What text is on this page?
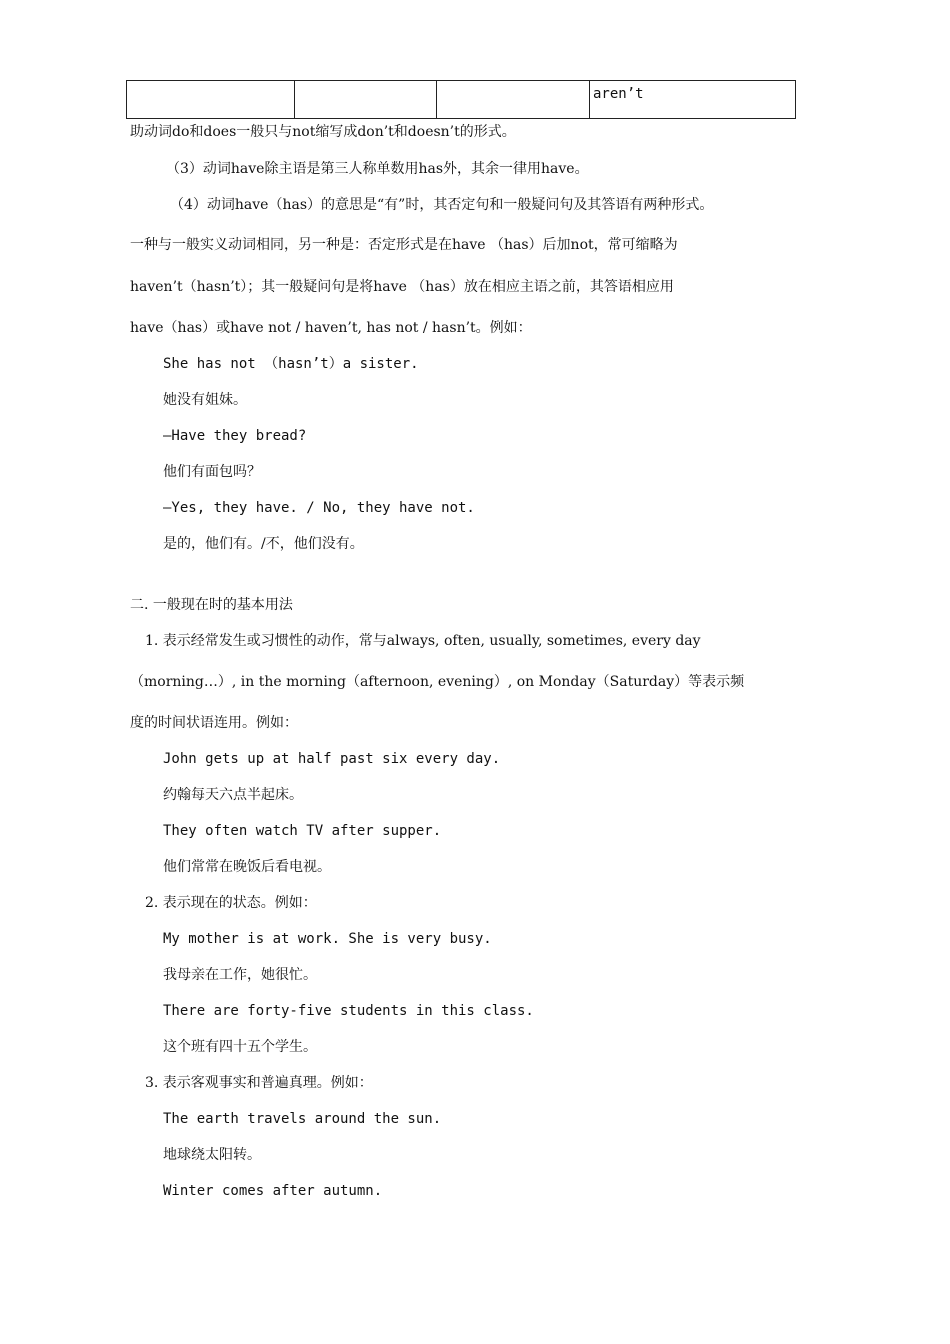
			aren’t
助动词do和does一般只与not缩写成don’t和doesn’t的形式。
（3）动词have除主语是第三人称单数用has外，其余一律用have。
（4）动词have（has）的意思是“有”时，其否定句和一般疑问句及其答语有两种形式。
一种与一般实义动词相同，另一种是：否定形式是在have （has）后加not，常可缩略为
haven’t（hasn’t）；其一般疑问句是将have （has）放在相应主语之前，其答语相应用
have（has）或have not / haven’t, has not / hasn’t。例如：
She has not （hasn’t）a sister.
她没有姐妹。
—Have they bread?
他们有面包吗？
—Yes, they have. / No, they have not.
是的，他们有。/不，他们没有。
二. 一般现在时的基本用法
1. 表示经常发生或习惯性的动作，常与always, often, usually, sometimes, every day
（morning…）, in the morning（afternoon, evening）, on Monday（Saturday）等表示频
度的时间状语连用。例如：
John gets up at half past six every day.
约翰每天六点半起床。
They often watch TV after supper.
他们常常在晚饭后看电视。
2. 表示现在的状态。例如：
My mother is at work. She is very busy.
我母亲在工作，她很忙。
There are forty-five students in this class.
这个班有四十五个学生。
3. 表示客观事实和普遍真理。例如：
The earth travels around the sun.
地球绕太阳转。
Winter comes after autumn.
